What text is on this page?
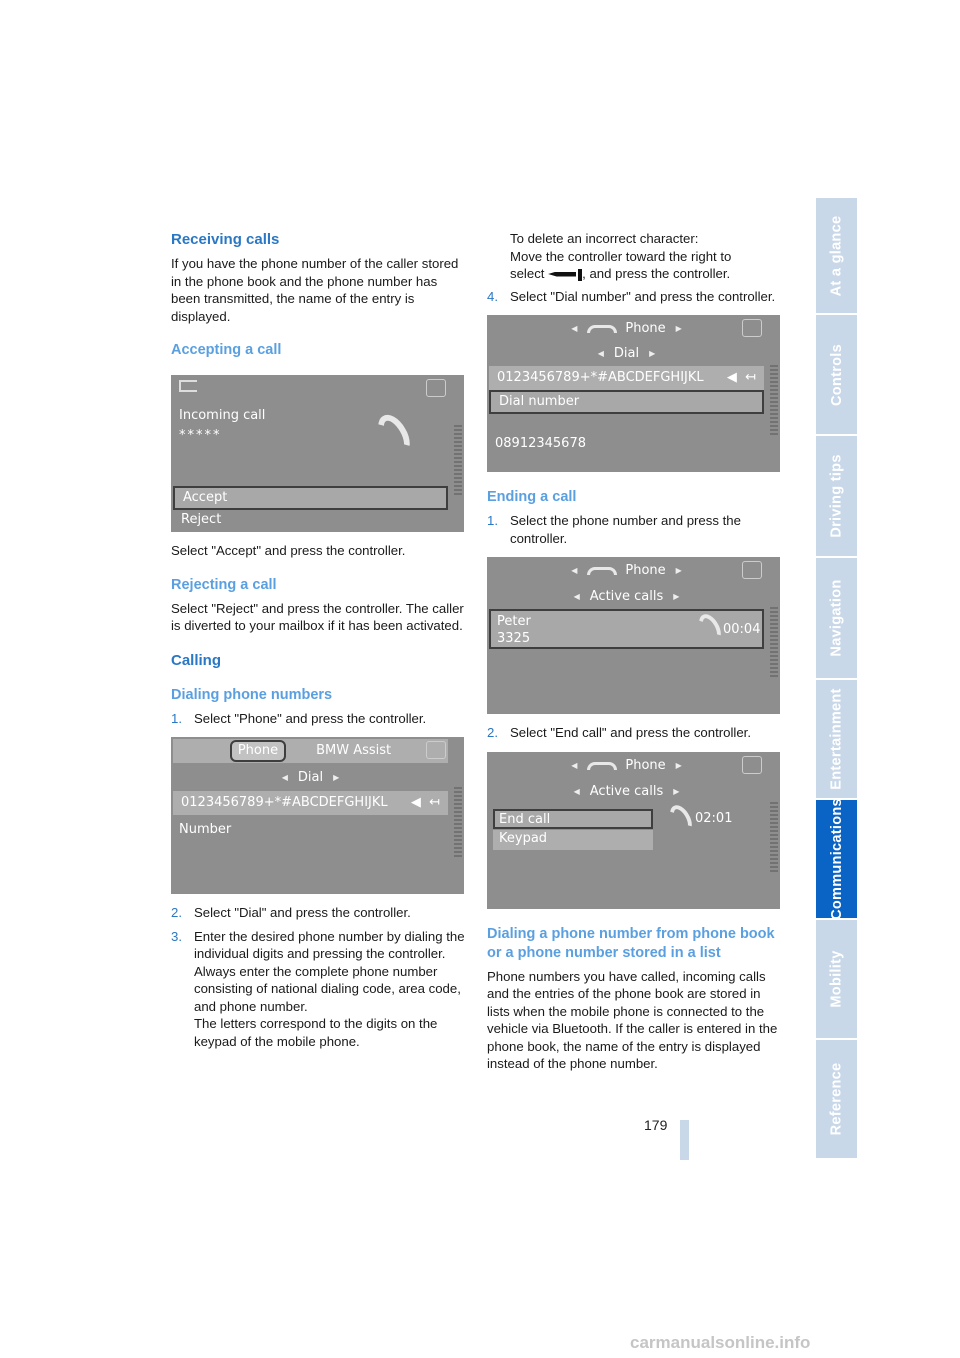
Receiving calls

If you have the phone number of the caller stored in the phone book and the phone number has been transmitted, the name of the entry is displayed.

Accepting a call
Incoming call
*****
Accept
Reject

Select "Accept" and press the controller.

Rejecting a call

Select "Reject" and press the controller. The caller is diverted to your mailbox if it has been activated.

Calling
Dialing phone numbers
1. Select "Phone" and press the controller.
Phone	BMW Assist
◀ Dial ▶
0123456789+*#ABCDEFGHIJKL ◀  ↤
Number
2. Select "Dial" and press the controller.
3. Enter the desired phone number by dialing the individual digits and pressing the controller.

Always enter the complete phone number consisting of national dialing code, area code, and phone number.

The letters correspond to the digits on the keypad of the mobile phone.

To delete an incorrect character:

Move the controller toward the right to

select	, and press the controller.

4. Select "Dial number" and press the controller.
◀	Phone ▶
◀ Dial ▶
0123456789+*#ABCDEFGHIJKL ◀  ↤
Dial number
08912345678
Ending a call
1. Select the phone number and press the controller.
◀	Phone ▶
◀ Active calls ▶
Peter
3325
00:04
2. Select "End call" and press the controller.
◀	Phone ▶
◀ Active calls ▶
End call
Keypad
02:01
Dialing a phone number from phone book or a phone number stored in a list

Phone numbers you have called, incoming calls and the entries of the phone book are stored in lists when the mobile phone is connected to the vehicle via Bluetooth. If the caller is entered in the phone book, the name of the entry is displayed instead of the phone number.

At a glance
Controls
Driving tips
Navigation
Entertainment
Communications
Mobility
Reference
179
carmanualsonline.info
